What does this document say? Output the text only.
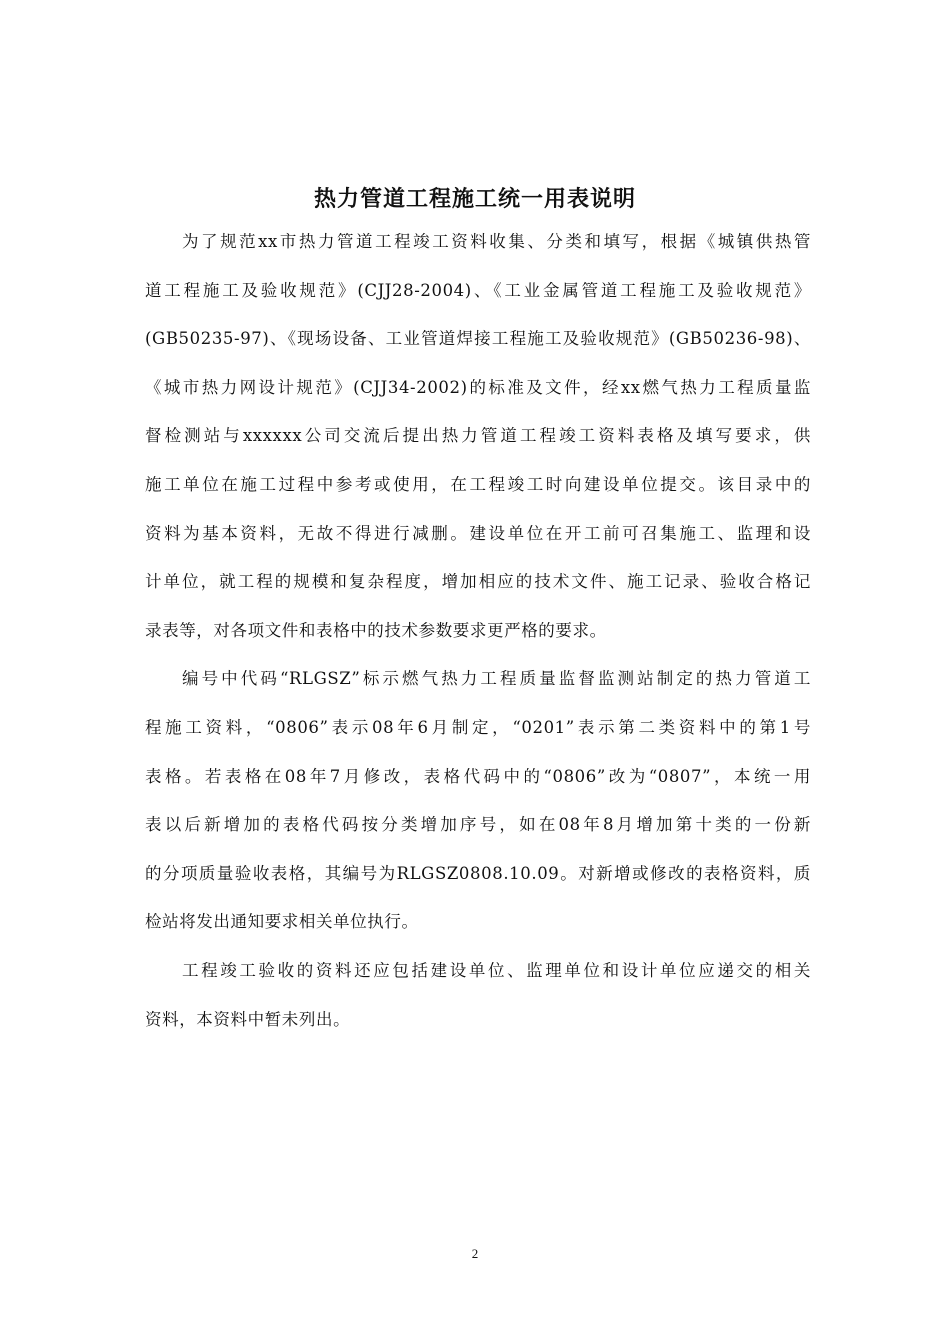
热力管道工程施工统一用表说明
为了规范xx市热力管道工程竣工资料收集、分类和填写，根据《城镇供热管
道工程施工及验收规范》(CJJ28-2004)、《工业金属管道工程施工及验收规范》
(GB50235-97)、《现场设备、工业管道焊接工程施工及验收规范》(GB50236-98)、
《城市热力网设计规范》(CJJ34-2002)的标准及文件，经xx燃气热力工程质量监
督检测站与xxxxxx公司交流后提出热力管道工程竣工资料表格及填写要求，供
施工单位在施工过程中参考或使用，在工程竣工时向建设单位提交。该目录中的
资料为基本资料，无故不得进行减删。建设单位在开工前可召集施工、监理和设
计单位，就工程的规模和复杂程度，增加相应的技术文件、施工记录、验收合格记
录表等，对各项文件和表格中的技术参数要求更严格的要求。
编号中代码“RLGSZ”标示燃气热力工程质量监督监测站制定的热力管道工
程施工资料，“0806”表示08年6月制定，“0201”表示第二类资料中的第1号
表格。若表格在08年7月修改，表格代码中的“0806”改为“0807”，本统一用
表以后新增加的表格代码按分类增加序号，如在08年8月增加第十类的一份新
的分项质量验收表格，其编号为RLGSZ0808.10.09。对新增或修改的表格资料，质
检站将发出通知要求相关单位执行。
工程竣工验收的资料还应包括建设单位、监理单位和设计单位应递交的相关
资料，本资料中暂未列出。
2
